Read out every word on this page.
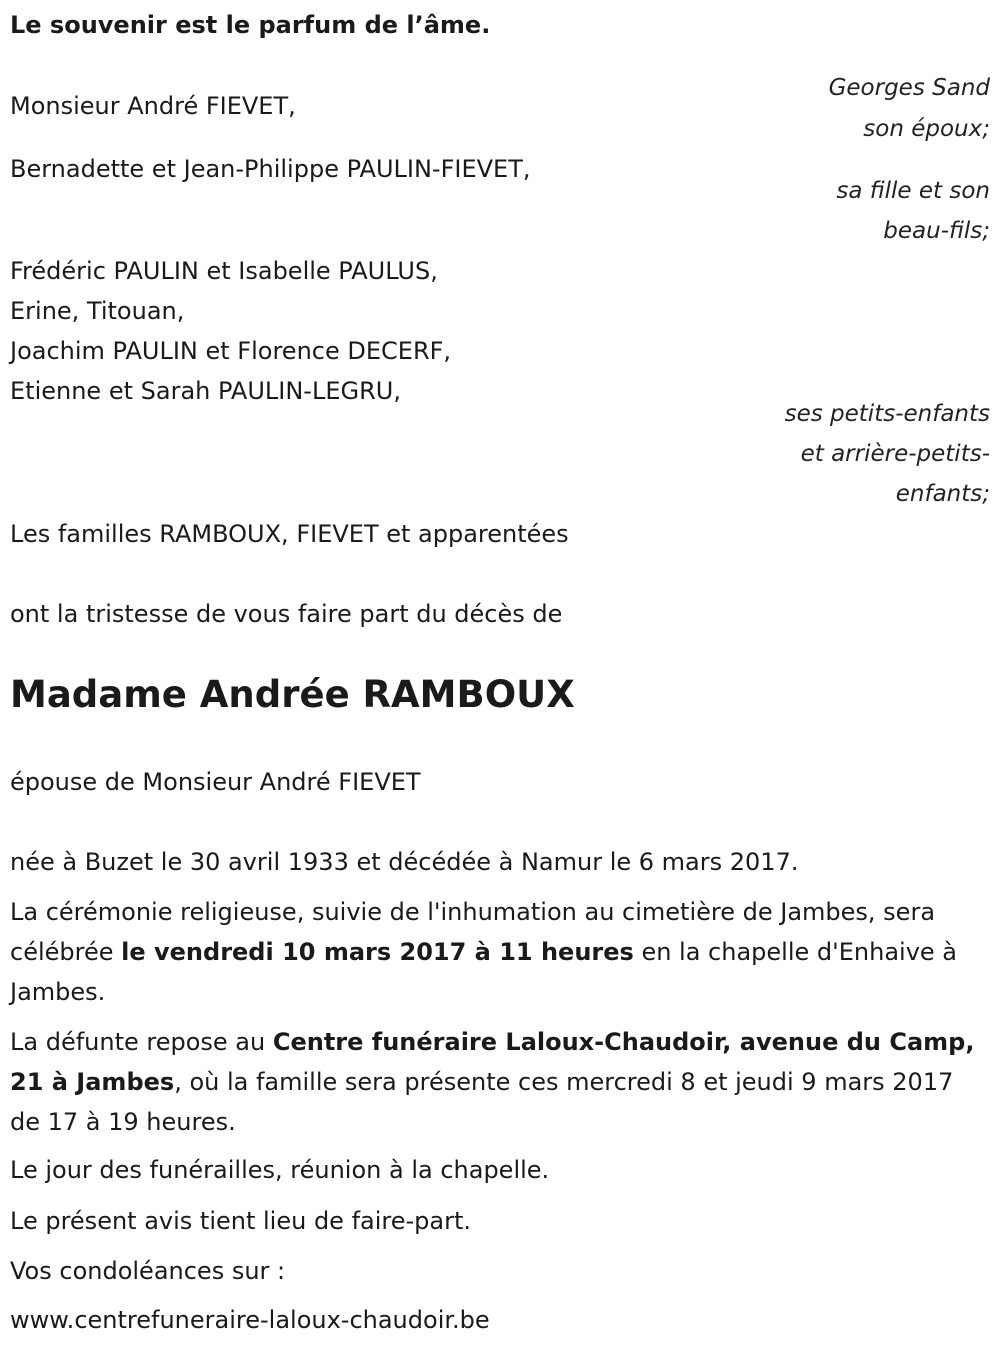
Le souvenir est le parfum de l’âme.
Georges Sand
Monsieur André FIEVET,
son époux;
Bernadette et Jean-Philippe PAULIN-FIEVET,
sa fille et son
beau-fils;
Frédéric PAULIN et Isabelle PAULUS,
Erine, Titouan,
Joachim PAULIN et Florence DECERF,
Etienne et Sarah PAULIN-LEGRU,
ses petits-enfants
et arrière-petits-
enfants;
Les familles RAMBOUX, FIEVET et apparentées
ont la tristesse de vous faire part du décès de
Madame Andrée RAMBOUX
épouse de Monsieur André FIEVET
née à Buzet le 30 avril 1933 et décédée à Namur le 6 mars 2017.
La cérémonie religieuse, suivie de l'inhumation au cimetière de Jambes, sera célébrée le vendredi 10 mars 2017 à 11 heures en la chapelle d'Enhaive à Jambes.
La défunte repose au Centre funéraire Laloux-Chaudoir, avenue du Camp, 21 à Jambes, où la famille sera présente ces mercredi 8 et jeudi 9 mars 2017 de 17 à 19 heures.
Le jour des funérailles, réunion à la chapelle.
Le présent avis tient lieu de faire-part.
Vos condoléances sur :
www.centrefuneraire-laloux-chaudoir.be
